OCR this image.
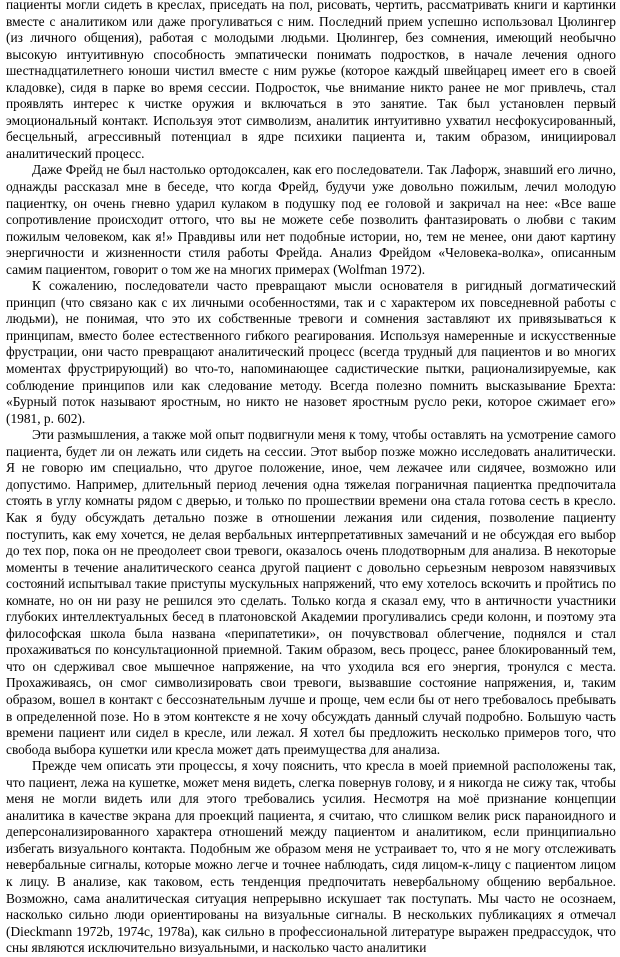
пациенты могли сидеть в креслах, приседать на пол, рисовать, чертить, рассматривать книги и картинки вместе с аналитиком или даже прогуливаться с ним. Последний прием успешно использовал Цюлингер (из личного общения), работая с молодыми людьми. Цюлингер, без сомнения, имеющий необычно высокую интуитивную способность эмпатически понимать подростков, в начале лечения одного шестнадцатилетнего юноши чистил вместе с ним ружье (которое каждый швейцарец имеет его в своей кладовке), сидя в парке во время сессии. Подросток, чье внимание никто ранее не мог привлечь, стал проявлять интерес к чистке оружия и включаться в это занятие. Так был установлен первый эмоциональный контакт. Используя этот символизм, аналитик интуитивно ухватил несфокусированный, бесцельный, агрессивный потенциал в ядре психики пациента и, таким образом, инициировал аналитический процесс.

Даже Фрейд не был настолько ортодоксален, как его последователи. Так Лафорж, знавший его лично, однажды рассказал мне в беседе, что когда Фрейд, будучи уже довольно пожилым, лечил молодую пациентку, он очень гневно ударил кулаком в подушку под ее головой и закричал на нее: «Все ваше сопротивление происходит оттого, что вы не можете себе позволить фантазировать о любви с таким пожилым человеком, как я!» Правдивы или нет подобные истории, но, тем не менее, они дают картину энергичности и жизненности стиля работы Фрейда. Анализ Фрейдом «Человека-волка», описанным самим пациентом, говорит о том же на многих примерах (Wolfman 1972).

К сожалению, последователи часто превращают мысли основателя в ригидный догматический принцип (что связано как с их личными особенностями, так и с характером их повседневной работы с людьми), не понимая, что это их собственные тревоги и сомнения заставляют их привязываться к принципам, вместо более естественного гибкого реагирования. Используя намеренные и искусственные фрустрации, они часто превращают аналитический процесс (всегда трудный для пациентов и во многих моментах фрустрирующий) во что-то, напоминающее садистические пытки, рационализируемые, как соблюдение принципов или как следование методу. Всегда полезно помнить высказывание Брехта: «Бурный поток называют яростным, но никто не назовет яростным русло реки, которое сжимает его» (1981, p. 602).

Эти размышления, а также мой опыт подвигнули меня к тому, чтобы оставлять на усмотрение самого пациента, будет ли он лежать или сидеть на сессии. Этот выбор позже можно исследовать аналитически. Я не говорю им специально, что другое положение, иное, чем лежачее или сидячее, возможно или допустимо. Например, длительный период лечения одна тяжелая пограничная пациентка предпочитала стоять в углу комнаты рядом с дверью, и только по прошествии времени она стала готова сесть в кресло. Как я буду обсуждать детально позже в отношении лежания или сидения, позволение пациенту поступить, как ему хочется, не делая вербальных интерпретативных замечаний и не обсуждая его выбор до тех пор, пока он не преодолеет свои тревоги, оказалось очень плодотворным для анализа. В некоторые моменты в течение аналитического сеанса другой пациент с довольно серьезным неврозом навязчивых состояний испытывал такие приступы мускульных напряжений, что ему хотелось вскочить и пройтись по комнате, но он ни разу не решился это сделать. Только когда я сказал ему, что в античности участники глубоких интеллектуальных бесед в платоновской Академии прогуливались среди колонн, и поэтому эта философская школа была названа «перипатетики», он почувствовал облегчение, поднялся и стал прохаживаться по консультационной приемной. Таким образом, весь процесс, ранее блокированный тем, что он сдерживал свое мышечное напряжение, на что уходила вся его энергия, тронулся с места. Прохаживаясь, он смог символизировать свои тревоги, вызвавшие состояние напряжения, и, таким образом, вошел в контакт с бессознательным лучше и проще, чем если бы от него требовалось пребывать в определенной позе. Но в этом контексте я не хочу обсуждать данный случай подробно. Большую часть времени пациент или сидел в кресле, или лежал. Я хотел бы предложить несколько примеров того, что свобода выбора кушетки или кресла может дать преимущества для анализа.

Прежде чем описать эти процессы, я хочу пояснить, что кресла в моей приемной расположены так, что пациент, лежа на кушетке, может меня видеть, слегка повернув голову, и я никогда не сижу так, чтобы меня не могли видеть или для этого требовались усилия. Несмотря на моё признание концепции аналитика в качестве экрана для проекций пациента, я считаю, что слишком велик риск параноидного и деперсонализированного характера отношений между пациентом и аналитиком, если принципиально избегать визуального контакта. Подобным же образом меня не устраивает то, что я не могу отслеживать невербальные сигналы, которые можно легче и точнее наблюдать, сидя лицом-к-лицу с пациентом лицом к лицу. В анализе, как таковом, есть тенденция предпочитать невербальному общению вербальное. Возможно, сама аналитическая ситуация непрерывно искушает так поступать. Мы часто не осознаем, насколько сильно люди ориентированы на визуальные сигналы. В нескольких публикациях я отмечал (Dieckmann 1972b, 1974c, 1978a), как сильно в профессиональной литературе выражен предрассудок, что сны являются исключительно визуальными, и насколько часто аналитики
